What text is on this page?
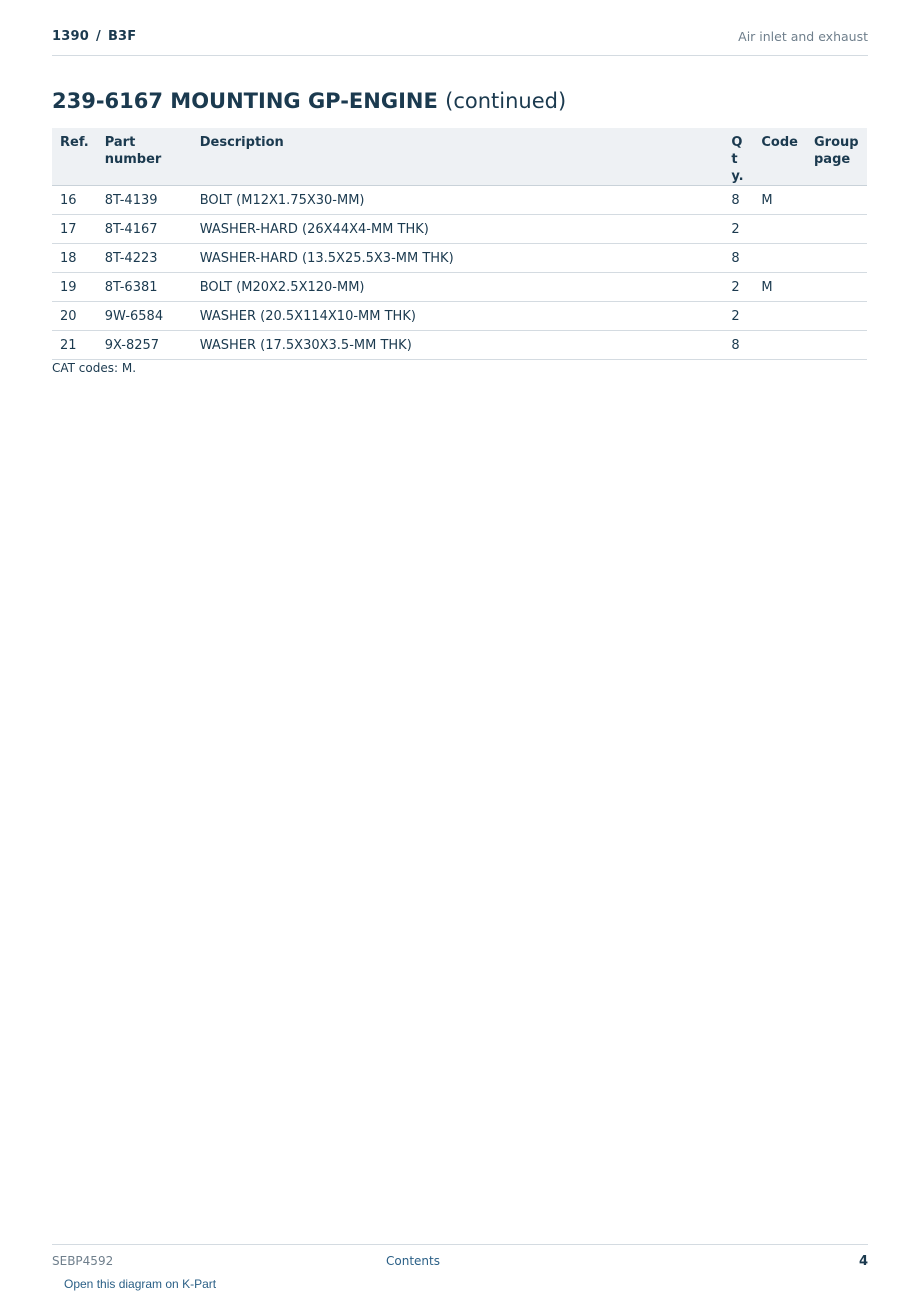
1390 / B3F	Air inlet and exhaust
239-6167 MOUNTING GP-ENGINE (continued)
Ref.	Part number	Description	Qty.	Code	Group page
16	8T-4139	BOLT (M12X1.75X30-MM)	8	M	
17	8T-4167	WASHER-HARD (26X44X4-MM THK)	2		
18	8T-4223	WASHER-HARD (13.5X25.5X3-MM THK)	8		
19	8T-6381	BOLT (M20X2.5X120-MM)	2	M	
20	9W-6584	WASHER (20.5X114X10-MM THK)	2		
21	9X-8257	WASHER (17.5X30X3.5-MM THK)	8		
CAT codes: M.
SEBP4592	Contents	4
Open this diagram on K-Part
